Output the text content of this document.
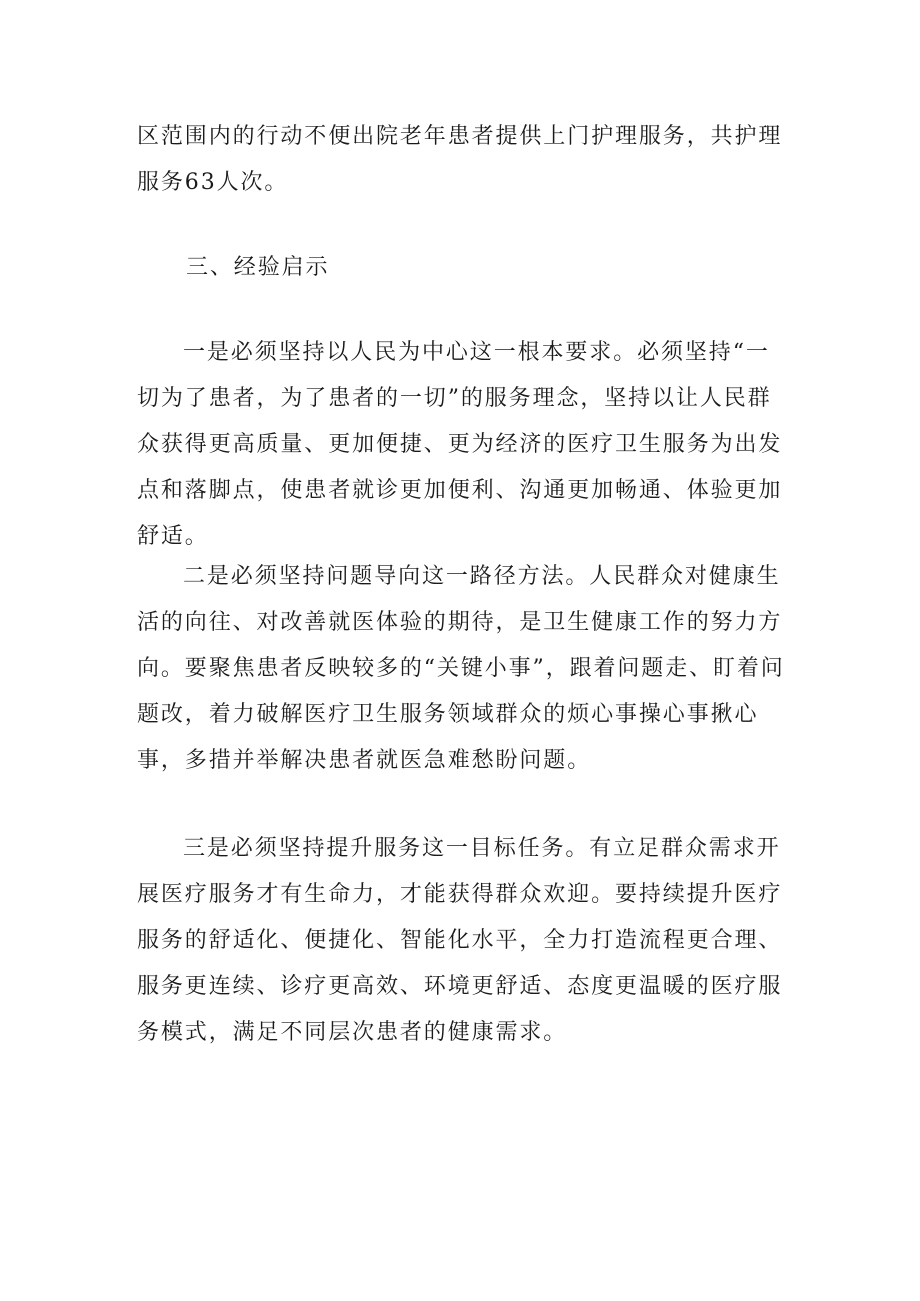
区范围内的行动不便出院老年患者提供上门护理服务，共护理服务63人次。

三、经验启示

一是必须坚持以人民为中心这一根本要求。必须坚持“一切为了患者，为了患者的一切”的服务理念，坚持以让人民群众获得更高质量、更加便捷、更为经济的医疗卫生服务为出发点和落脚点，使患者就诊更加便利、沟通更加畅通、体验更加舒适。

二是必须坚持问题导向这一路径方法。人民群众对健康生活的向往、对改善就医体验的期待，是卫生健康工作的努力方向。要聚焦患者反映较多的“关键小事”，跟着问题走、盯着问题改，着力破解医疗卫生服务领域群众的烦心事操心事揪心事，多措并举解决患者就医急难愁盼问题。

三是必须坚持提升服务这一目标任务。有立足群众需求开展医疗服务才有生命力，才能获得群众欢迎。要持续提升医疗服务的舒适化、便捷化、智能化水平，全力打造流程更合理、服务更连续、诊疗更高效、环境更舒适、态度更温暖的医疗服务模式，满足不同层次患者的健康需求。
